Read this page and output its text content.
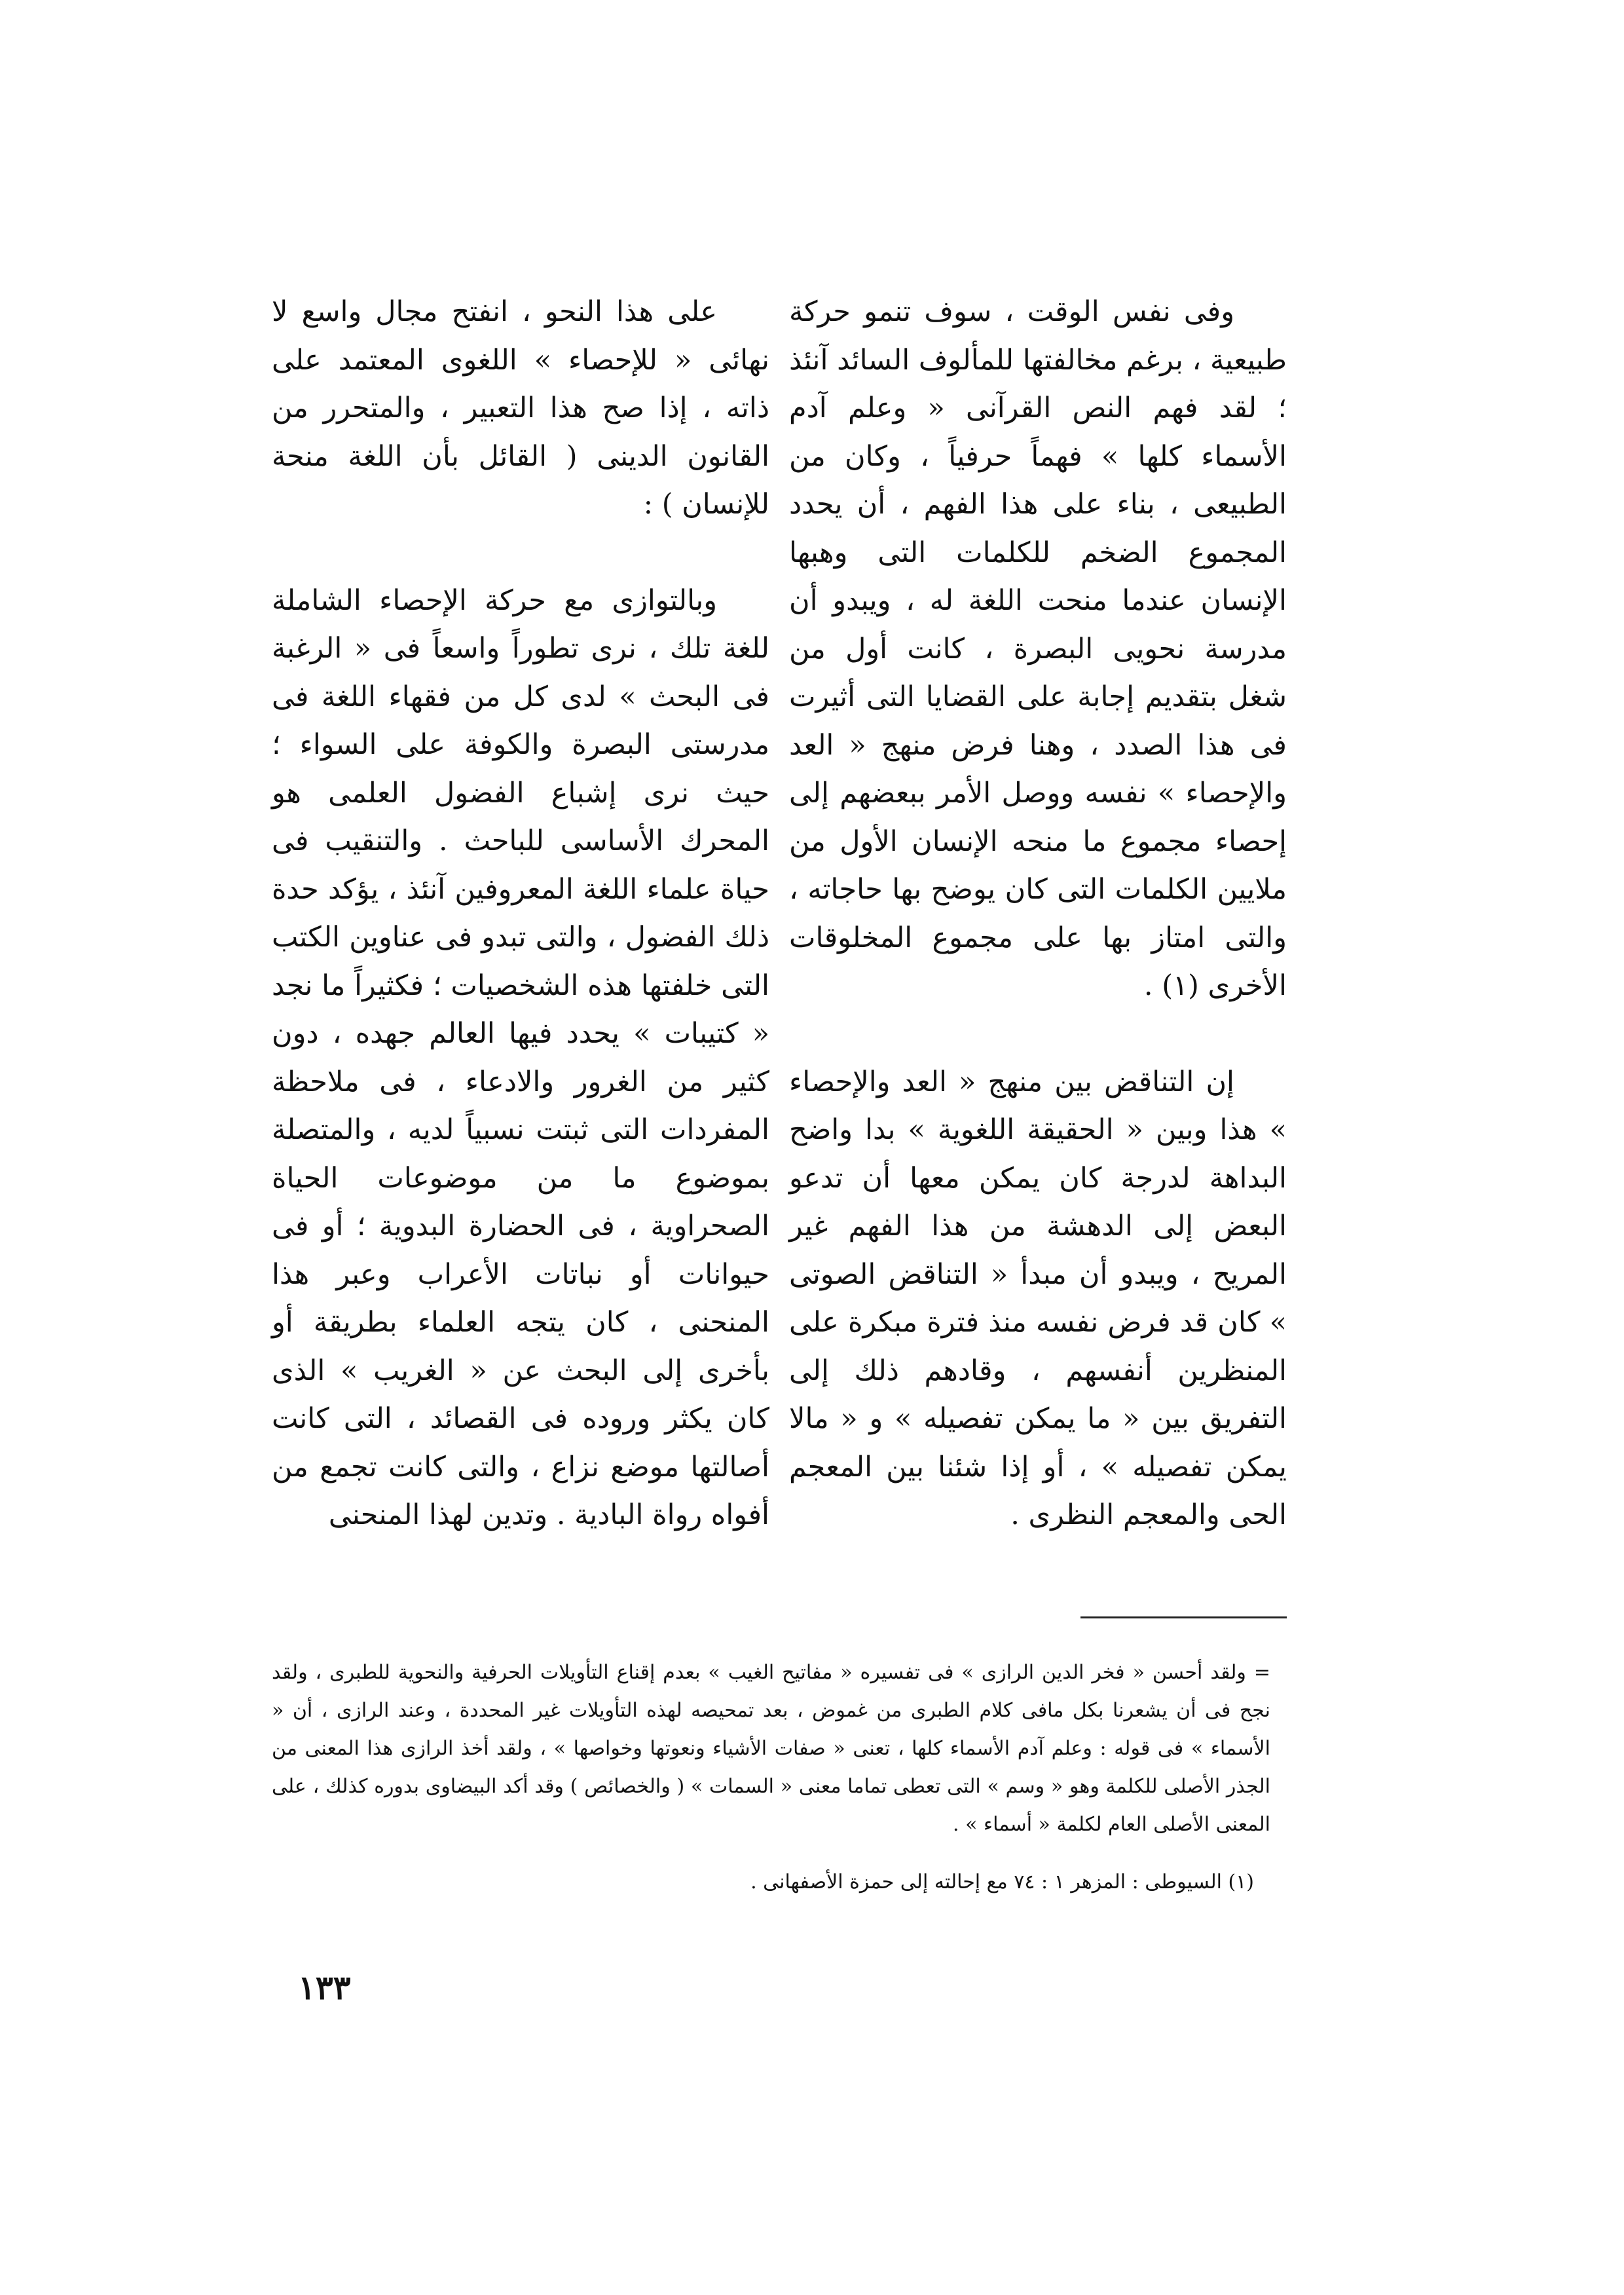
وفى نفس الوقت ، سوف تنمو حركة طبيعية ، برغم مخالفتها للمألوف السائد آنئذ ؛ لقد فهم النص القرآنى « وعلم آدم الأسماء كلها » فهماً حرفياً ، وكان من الطبيعى ، بناء على هذا الفهم ، أن يحدد المجموع الضخم للكلمات التى وهبها الإنسان عندما منحت اللغة له ، ويبدو أن مدرسة نحويى البصرة ، كانت أول من شغل بتقديم إجابة على القضايا التى أثيرت فى هذا الصدد ، وهنا فرض منهج « العد والإحصاء » نفسه ووصل الأمر ببعضهم إلى إحصاء مجموع ما منحه الإنسان الأول من ملايين الكلمات التى كان يوضح بها حاجاته ، والتى امتاز بها على مجموع المخلوقات الأخرى (١) .

إن التناقض بين منهج « العد والإحصاء » هذا وبين « الحقيقة اللغوية » بدا واضح البداهة لدرجة كان يمكن معها أن تدعو البعض إلى الدهشة من هذا الفهم غير المريح ، ويبدو أن مبدأ « التناقض الصوتى » كان قد فرض نفسه منذ فترة مبكرة على المنظرين أنفسهم ، وقادهم ذلك إلى التفريق بين « ما يمكن تفصيله » و « مالا يمكن تفصيله » ، أو إذا شئنا بين المعجم الحى والمعجم النظرى .

على هذا النحو ، انفتح مجال واسع لا نهائى « للإحصاء » اللغوى المعتمد على ذاته ، إذا صح هذا التعبير ، والمتحرر من القانون الدينى ( القائل بأن اللغة منحة للإنسان ) :

وبالتوازى مع حركة الإحصاء الشاملة للغة تلك ، نرى تطوراً واسعاً فى « الرغبة فى البحث » لدى كل من فقهاء اللغة فى مدرستى البصرة والكوفة على السواء ؛ حيث نرى إشباع الفضول العلمى هو المحرك الأساسى للباحث . والتنقيب فى حياة علماء اللغة المعروفين آنئذ ، يؤكد حدة ذلك الفضول ، والتى تبدو فى عناوين الكتب التى خلفتها هذه الشخصيات ؛ فكثيراً ما نجد « كتيبات » يحدد فيها العالم جهده ، دون كثير من الغرور والادعاء ، فى ملاحظة المفردات التى ثبتت نسبياً لديه ، والمتصلة بموضوع ما من موضوعات الحياة الصحراوية ، فى الحضارة البدوية ؛ أو فى حيوانات أو نباتات الأعراب وعبر هذا المنحنى ، كان يتجه العلماء بطريقة أو بأخرى إلى البحث عن « الغريب » الذى كان يكثر وروده فى القصائد ، التى كانت أصالتها موضع نزاع ، والتى كانت تجمع من أفواه رواة البادية . وتدين لهذا المنحنى

= ولقد أحسن « فخر الدين الرازى » فى تفسيره « مفاتيح الغيب » بعدم إقناع التأويلات الحرفية والنحوية للطبرى ، ولقد نجح فى أن يشعرنا بكل مافى كلام الطبرى من غموض ، بعد تمحيصه لهذه التأويلات غير المحددة ، وعند الرازى ، أن « الأسماء » فى قوله : وعلم آدم الأسماء كلها ، تعنى « صفات الأشياء ونعوتها وخواصها » ، ولقد أخذ الرازى هذا المعنى من الجذر الأصلى للكلمة وهو « وسم » التى تعطى تماما معنى « السمات » ( والخصائص ) وقد أكد البيضاوى بدوره كذلك ، على المعنى الأصلى العام لكلمة « أسماء » .

(١) السيوطى : المزهر ١ : ٧٤ مع إحالته إلى حمزة الأصفهانى .

١٣٣
